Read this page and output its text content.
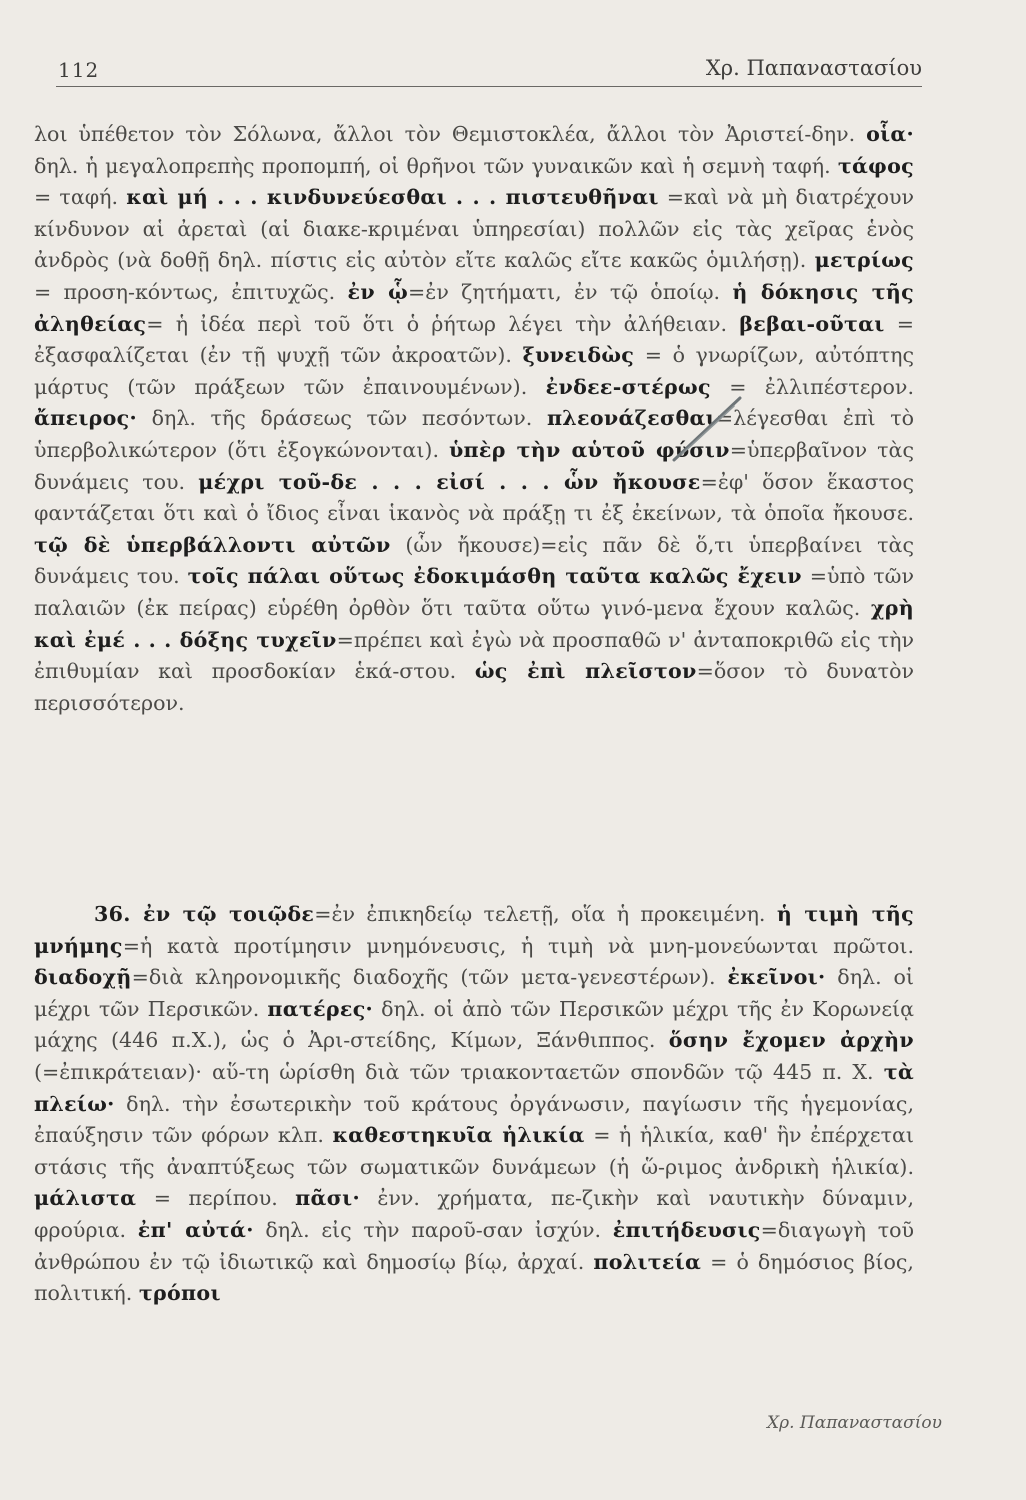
112	Χρ. Παπαναστασίου
λοι ὑπέθετον τὸν Σόλωνα, ἄλλοι τὸν Θεμιστοκλέα, ἄλλοι τὸν Ἀριστεί-δην. οἷα· δηλ. ἡ μεγαλοπρεπὴς προπομπή, οἱ θρῆνοι τῶν γυναικῶν καὶ ἡ σεμνὴ ταφή. τάφος = ταφή. καὶ μή . . . κινδυνεύεσθαι . . . πιστευθῆναι =καὶ νὰ μὴ διατρέχουν κίνδυνον αἱ ἀρεταὶ (αἱ διακε-κριμέναι ὑπηρεσίαι) πολλῶν εἰς τὰς χεῖρας ἑνὸς ἀνδρὸς (νὰ δοθῇ δηλ. πίστις εἰς αὐτὸν εἴτε καλῶς εἴτε κακῶς ὁμιλήσῃ). μετρίως = προση-κόντως, ἐπιτυχῶς. ἐν ᾧ=ἐν ζητήματι, ἐν τῷ ὁποίῳ. ἡ δόκησις τῆς ἀληθείας= ἡ ἰδέα περὶ τοῦ ὅτι ὁ ῥήτωρ λέγει τὴν ἀλήθειαν. βεβαι-οῦται = ἐξασφαλίζεται (ἐν τῇ ψυχῇ τῶν ἀκροατῶν). ξυνειδὼς = ὁ γνωρίζων, αὐτόπτης μάρτυς (τῶν πράξεων τῶν ἐπαινουμένων). ἐνδεε-στέρως = ἐλλιπέστερον. ἄπειρος· δηλ. τῆς δράσεως τῶν πεσόντων. πλεονάζεσθαι=λέγεσθαι ἐπὶ τὸ ὑπερβολικώτερον (ὅτι ἐξογκώνονται). ὑπὲρ τὴν αὑτοῦ φύσιν=ὑπερβαῖνον τὰς δυνάμεις του. μέχρι τοῦ-δε . . . εἰσί . . . ὧν ἤκουσε=ἐφ' ὅσον ἕκαστος φαντάζεται ὅτι καὶ ὁ ἴδιος εἶναι ἱκανὸς νὰ πράξῃ τι ἐξ ἐκείνων, τὰ ὁποῖα ἤκουσε. τῷ δὲ ὑπερβάλλοντι αὐτῶν (ὧν ἤκουσε)=εἰς πᾶν δὲ ὅ,τι ὑπερβαίνει τὰς δυνάμεις του. τοῖς πάλαι οὕτως ἐδοκιμάσθη ταῦτα καλῶς ἔχειν =ὑπὸ τῶν παλαιῶν (ἐκ πείρας) εὑρέθη ὀρθὸν ὅτι ταῦτα οὕτω γινό-μενα ἔχουν καλῶς. χρὴ καὶ ἐμέ . . . δόξης τυχεῖν=πρέπει καὶ ἐγὼ νὰ προσπαθῶ ν' ἀνταποκριθῶ εἰς τὴν ἐπιθυμίαν καὶ προσδοκίαν ἑκά-στου. ὡς ἐπὶ πλεῖστον=ὅσον τὸ δυνατὸν περισσότερον.
36. ἐν τῷ τοιῷδε=ἐν ἐπικηδείῳ τελετῇ, οἵα ἡ προκειμένη. ἡ τιμὴ τῆς μνήμης=ἡ κατὰ προτίμησιν μνημόνευσις, ἡ τιμὴ νὰ μνη-μονεύωνται πρῶτοι. διαδοχῇ=διὰ κληρονομικῆς διαδοχῆς (τῶν μετα-γενεστέρων). ἐκεῖνοι· δηλ. οἱ μέχρι τῶν Περσικῶν. πατέρες· δηλ. οἱ ἀπὸ τῶν Περσικῶν μέχρι τῆς ἐν Κορωνείᾳ μάχης (446 π.Χ.), ὡς ὁ Ἀρι-στείδης, Κίμων, Ξάνθιππος. ὅσην ἔχομεν ἀρχὴν (=ἐπικράτειαν)· αὕ-τη ὡρίσθη διὰ τῶν τριακονταετῶν σπονδῶν τῷ 445 π. Χ. τὰ πλείω· δηλ. τὴν ἐσωτερικὴν τοῦ κράτους ὀργάνωσιν, παγίωσιν τῆς ἡγεμονίας, ἐπαύξησιν τῶν φόρων κλπ. καθεστηκυῖα ἡλικία = ἡ ἡλικία, καθ' ἣν ἐπέρχεται στάσις τῆς ἀναπτύξεως τῶν σωματικῶν δυνάμεων (ἡ ὥ-ριμος ἀνδρικὴ ἡλικία). μάλιστα = περίπου. πᾶσι· ἐνν. χρήματα, πε-ζικὴν καὶ ναυτικὴν δύναμιν, φρούρια. ἐπ' αὐτά· δηλ. εἰς τὴν παροῦ-σαν ἰσχύν. ἐπιτήδευσις=διαγωγὴ τοῦ ἀνθρώπου ἐν τῷ ἰδιωτικῷ καὶ δημοσίῳ βίῳ, ἀρχαί. πολιτεία = ὁ δημόσιος βίος, πολιτική. τρόποι
Χρ. Παπαναστασίου
